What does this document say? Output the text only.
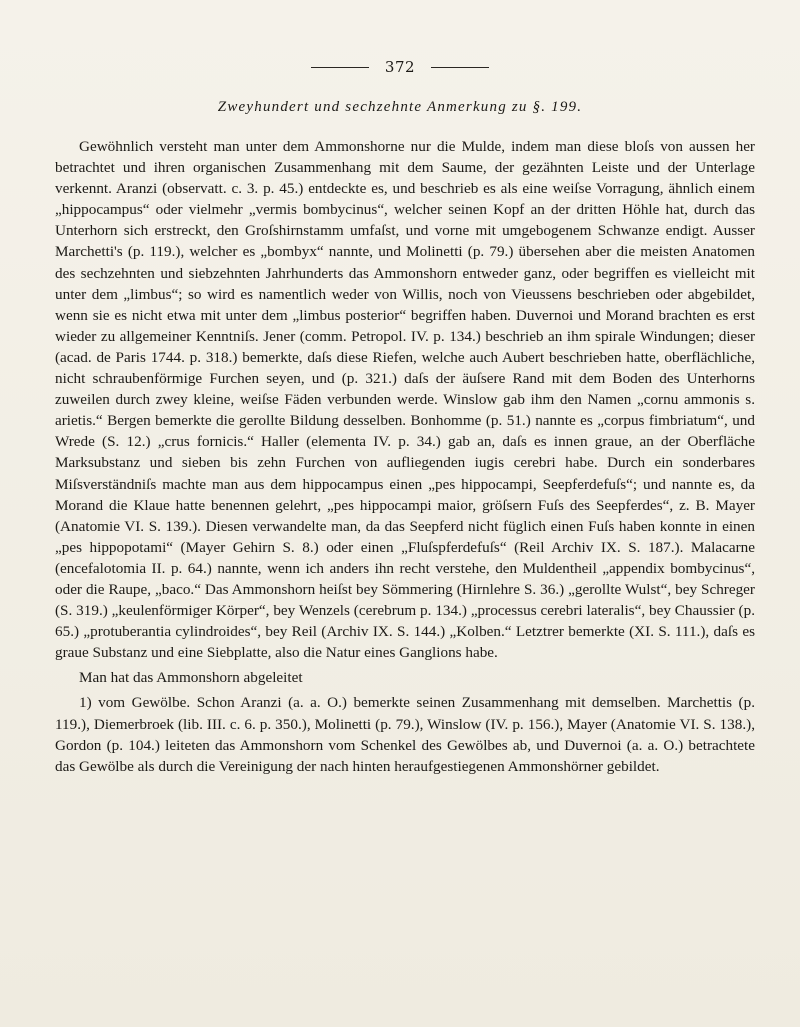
372
Zweyhundert und sechzehnte Anmerkung zu §. 199.

Gewöhnlich versteht man unter dem Ammonshorne nur die Mulde, indem man diese bloſs von aussen her betrachtet und ihren organischen Zusammenhang mit dem Saume, der gezähnten Leiste und der Unterlage verkennt. Aranzi (observatt. c. 3. p. 45.) entdeckte es, und beschrieb es als eine weiſse Vorragung, ähnlich einem „hippocampus“ oder vielmehr „vermis bombycinus“, welcher seinen Kopf an der dritten Höhle hat, durch das Unterhorn sich erstreckt, den Groſshirnstamm umfaſst, und vorne mit umgebogenem Schwanze endigt. Ausser Marchetti's (p. 119.), welcher es „bombyx“ nannte, und Molinetti (p. 79.) übersehen aber die meisten Anatomen des sechzehnten und siebzehnten Jahrhunderts das Ammonshorn entweder ganz, oder begriffen es vielleicht mit unter dem „limbus“; so wird es namentlich weder von Willis, noch von Vieussens beschrieben oder abgebildet, wenn sie es nicht etwa mit unter dem „limbus posterior“ begriffen haben. Duvernoi und Morand brachten es erst wieder zu allgemeiner Kenntniſs. Jener (comm. Petropol. IV. p. 134.) beschrieb an ihm spirale Windungen; dieser (acad. de Paris 1744. p. 318.) bemerkte, daſs diese Riefen, welche auch Aubert beschrieben hatte, oberflächliche, nicht schraubenförmige Furchen seyen, und (p. 321.) daſs der äuſsere Rand mit dem Boden des Unterhorns zuweilen durch zwey kleine, weiſse Fäden verbunden werde. Winslow gab ihm den Namen „cornu ammonis s. arietis.“ Bergen bemerkte die gerollte Bildung desselben. Bonhomme (p. 51.) nannte es „corpus fimbriatum“, und Wrede (S. 12.) „crus fornicis.“ Haller (elementa IV. p. 34.) gab an, daſs es innen graue, an der Oberfläche Marksubstanz und sieben bis zehn Furchen von aufliegenden iugis cerebri habe. Durch ein sonderbares Miſsverständniſs machte man aus dem hippocampus einen „pes hippocampi, Seepferdefuſs“; und nannte es, da Morand die Klaue hatte benennen gelehrt, „pes hippocampi maior, gröſsern Fuſs des Seepferdes“, z. B. Mayer (Anatomie VI. S. 139.). Diesen verwandelte man, da das Seepferd nicht füglich einen Fuſs haben konnte in einen „pes hippopotami“ (Mayer Gehirn S. 8.) oder einen „Fluſspferdefuſs“ (Reil Archiv IX. S. 187.). Malacarne (encefalotomia II. p. 64.) nannte, wenn ich anders ihn recht verstehe, den Muldentheil „appendix bombycinus“, oder die Raupe, „baco.“ Das Ammonshorn heiſst bey Sömmering (Hirnlehre S. 36.) „gerollte Wulst“, bey Schreger (S. 319.) „keulenförmiger Körper“, bey Wenzels (cerebrum p. 134.) „processus cerebri lateralis“, bey Chaussier (p. 65.) „protuberantia cylindroides“, bey Reil (Archiv IX. S. 144.) „Kolben.“ Letztrer bemerkte (XI. S. 111.), daſs es graue Substanz und eine Siebplatte, also die Natur eines Ganglions habe.

Man hat das Ammonshorn abgeleitet

1) vom Gewölbe. Schon Aranzi (a. a. O.) bemerkte seinen Zusammenhang mit demselben. Marchettis (p. 119.), Diemerbroek (lib. III. c. 6. p. 350.), Molinetti (p. 79.), Winslow (IV. p. 156.), Mayer (Anatomie VI. S. 138.), Gordon (p. 104.) leiteten das Ammonshorn vom Schenkel des Gewölbes ab, und Duvernoi (a. a. O.) betrachtete das Gewölbe als durch die Vereinigung der nach hinten heraufgestiegenen Ammonshörner gebildet.
